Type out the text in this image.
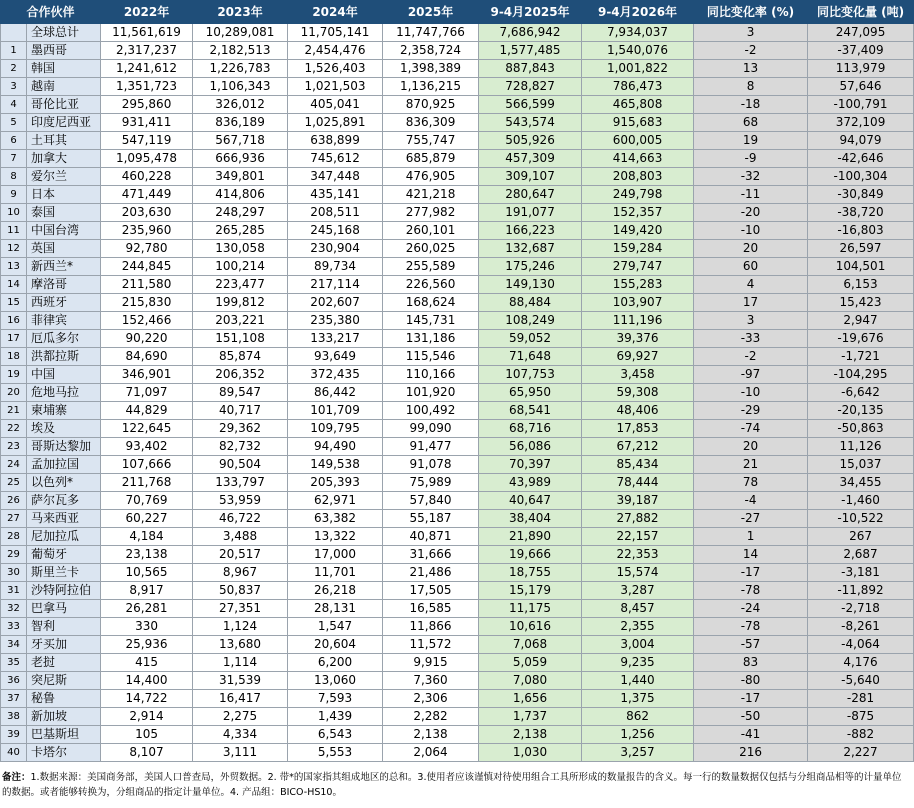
合作伙伴		2022年	2023年	2024年	2025年	9-4月2025年	9-4月2026年	同比变化率 (%)	同比变化量 (吨)
	全球总计	11,561,619	10,289,081	11,705,141	11,747,766	7,686,942	7,934,037	3	247,095
1	墨西哥	2,317,237	2,182,513	2,454,476	2,358,724	1,577,485	1,540,076	-2	-37,409
2	韩国	1,241,612	1,226,783	1,526,403	1,398,389	887,843	1,001,822	13	113,979
3	越南	1,351,723	1,106,343	1,021,503	1,136,215	728,827	786,473	8	57,646
4	哥伦比亚	295,860	326,012	405,041	870,925	566,599	465,808	-18	-100,791
5	印度尼西亚	931,411	836,189	1,025,891	836,309	543,574	915,683	68	372,109
6	土耳其	547,119	567,718	638,899	755,747	505,926	600,005	19	94,079
7	加拿大	1,095,478	666,936	745,612	685,879	457,309	414,663	-9	-42,646
8	爱尔兰	460,228	349,801	347,448	476,905	309,107	208,803	-32	-100,304
9	日本	471,449	414,806	435,141	421,218	280,647	249,798	-11	-30,849
10	泰国	203,630	248,297	208,511	277,982	191,077	152,357	-20	-38,720
11	中国台湾	235,960	265,285	245,168	260,101	166,223	149,420	-10	-16,803
12	英国	92,780	130,058	230,904	260,025	132,687	159,284	20	26,597
13	新西兰*	244,845	100,214	89,734	255,589	175,246	279,747	60	104,501
14	摩洛哥	211,580	223,477	217,114	226,560	149,130	155,283	4	6,153
15	西班牙	215,830	199,812	202,607	168,624	88,484	103,907	17	15,423
16	菲律宾	152,466	203,221	235,380	145,731	108,249	111,196	3	2,947
17	厄瓜多尔	90,220	151,108	133,217	131,186	59,052	39,376	-33	-19,676
18	洪都拉斯	84,690	85,874	93,649	115,546	71,648	69,927	-2	-1,721
19	中国	346,901	206,352	372,435	110,166	107,753	3,458	-97	-104,295
20	危地马拉	71,097	89,547	86,442	101,920	65,950	59,308	-10	-6,642
21	柬埔寨	44,829	40,717	101,709	100,492	68,541	48,406	-29	-20,135
22	埃及	122,645	29,362	109,795	99,090	68,716	17,853	-74	-50,863
23	哥斯达黎加	93,402	82,732	94,490	91,477	56,086	67,212	20	11,126
24	孟加拉国	107,666	90,504	149,538	91,078	70,397	85,434	21	15,037
25	以色列*	211,768	133,797	205,393	75,989	43,989	78,444	78	34,455
26	萨尔瓦多	70,769	53,959	62,971	57,840	40,647	39,187	-4	-1,460
27	马来西亚	60,227	46,722	63,382	55,187	38,404	27,882	-27	-10,522
28	尼加拉瓜	4,184	3,488	13,322	40,871	21,890	22,157	1	267
29	葡萄牙	23,138	20,517	17,000	31,666	19,666	22,353	14	2,687
30	斯里兰卡	10,565	8,967	11,701	21,486	18,755	15,574	-17	-3,181
31	沙特阿拉伯	8,917	50,837	26,218	17,505	15,179	3,287	-78	-11,892
32	巴拿马	26,281	27,351	28,131	16,585	11,175	8,457	-24	-2,718
33	智利	330	1,124	1,547	11,866	10,616	2,355	-78	-8,261
34	牙买加	25,936	13,680	20,604	11,572	7,068	3,004	-57	-4,064
35	老挝	415	1,114	6,200	9,915	5,059	9,235	83	4,176
36	突尼斯	14,400	31,539	13,060	7,360	7,080	1,440	-80	-5,640
37	秘鲁	14,722	16,417	7,593	2,306	1,656	1,375	-17	-281
38	新加坡	2,914	2,275	1,439	2,282	1,737	862	-50	-875
39	巴基斯坦	105	4,334	6,543	2,138	2,138	1,256	-41	-882
40	卡塔尔	8,107	3,111	5,553	2,064	1,030	3,257	216	2,227
备注：1.数据来源：美国商务部，美国人口普查局，外贸数据。2. 带*的国家指其组成地区的总和。3.使用者应该谨慎对待使用组合工具所形成的数量报告的含义。每一行的数量数据仅包括与分组商品相等的计量单位的数据。或者能够转换为，分组商品的指定计量单位。4. 产品组：BICO-HS10。
